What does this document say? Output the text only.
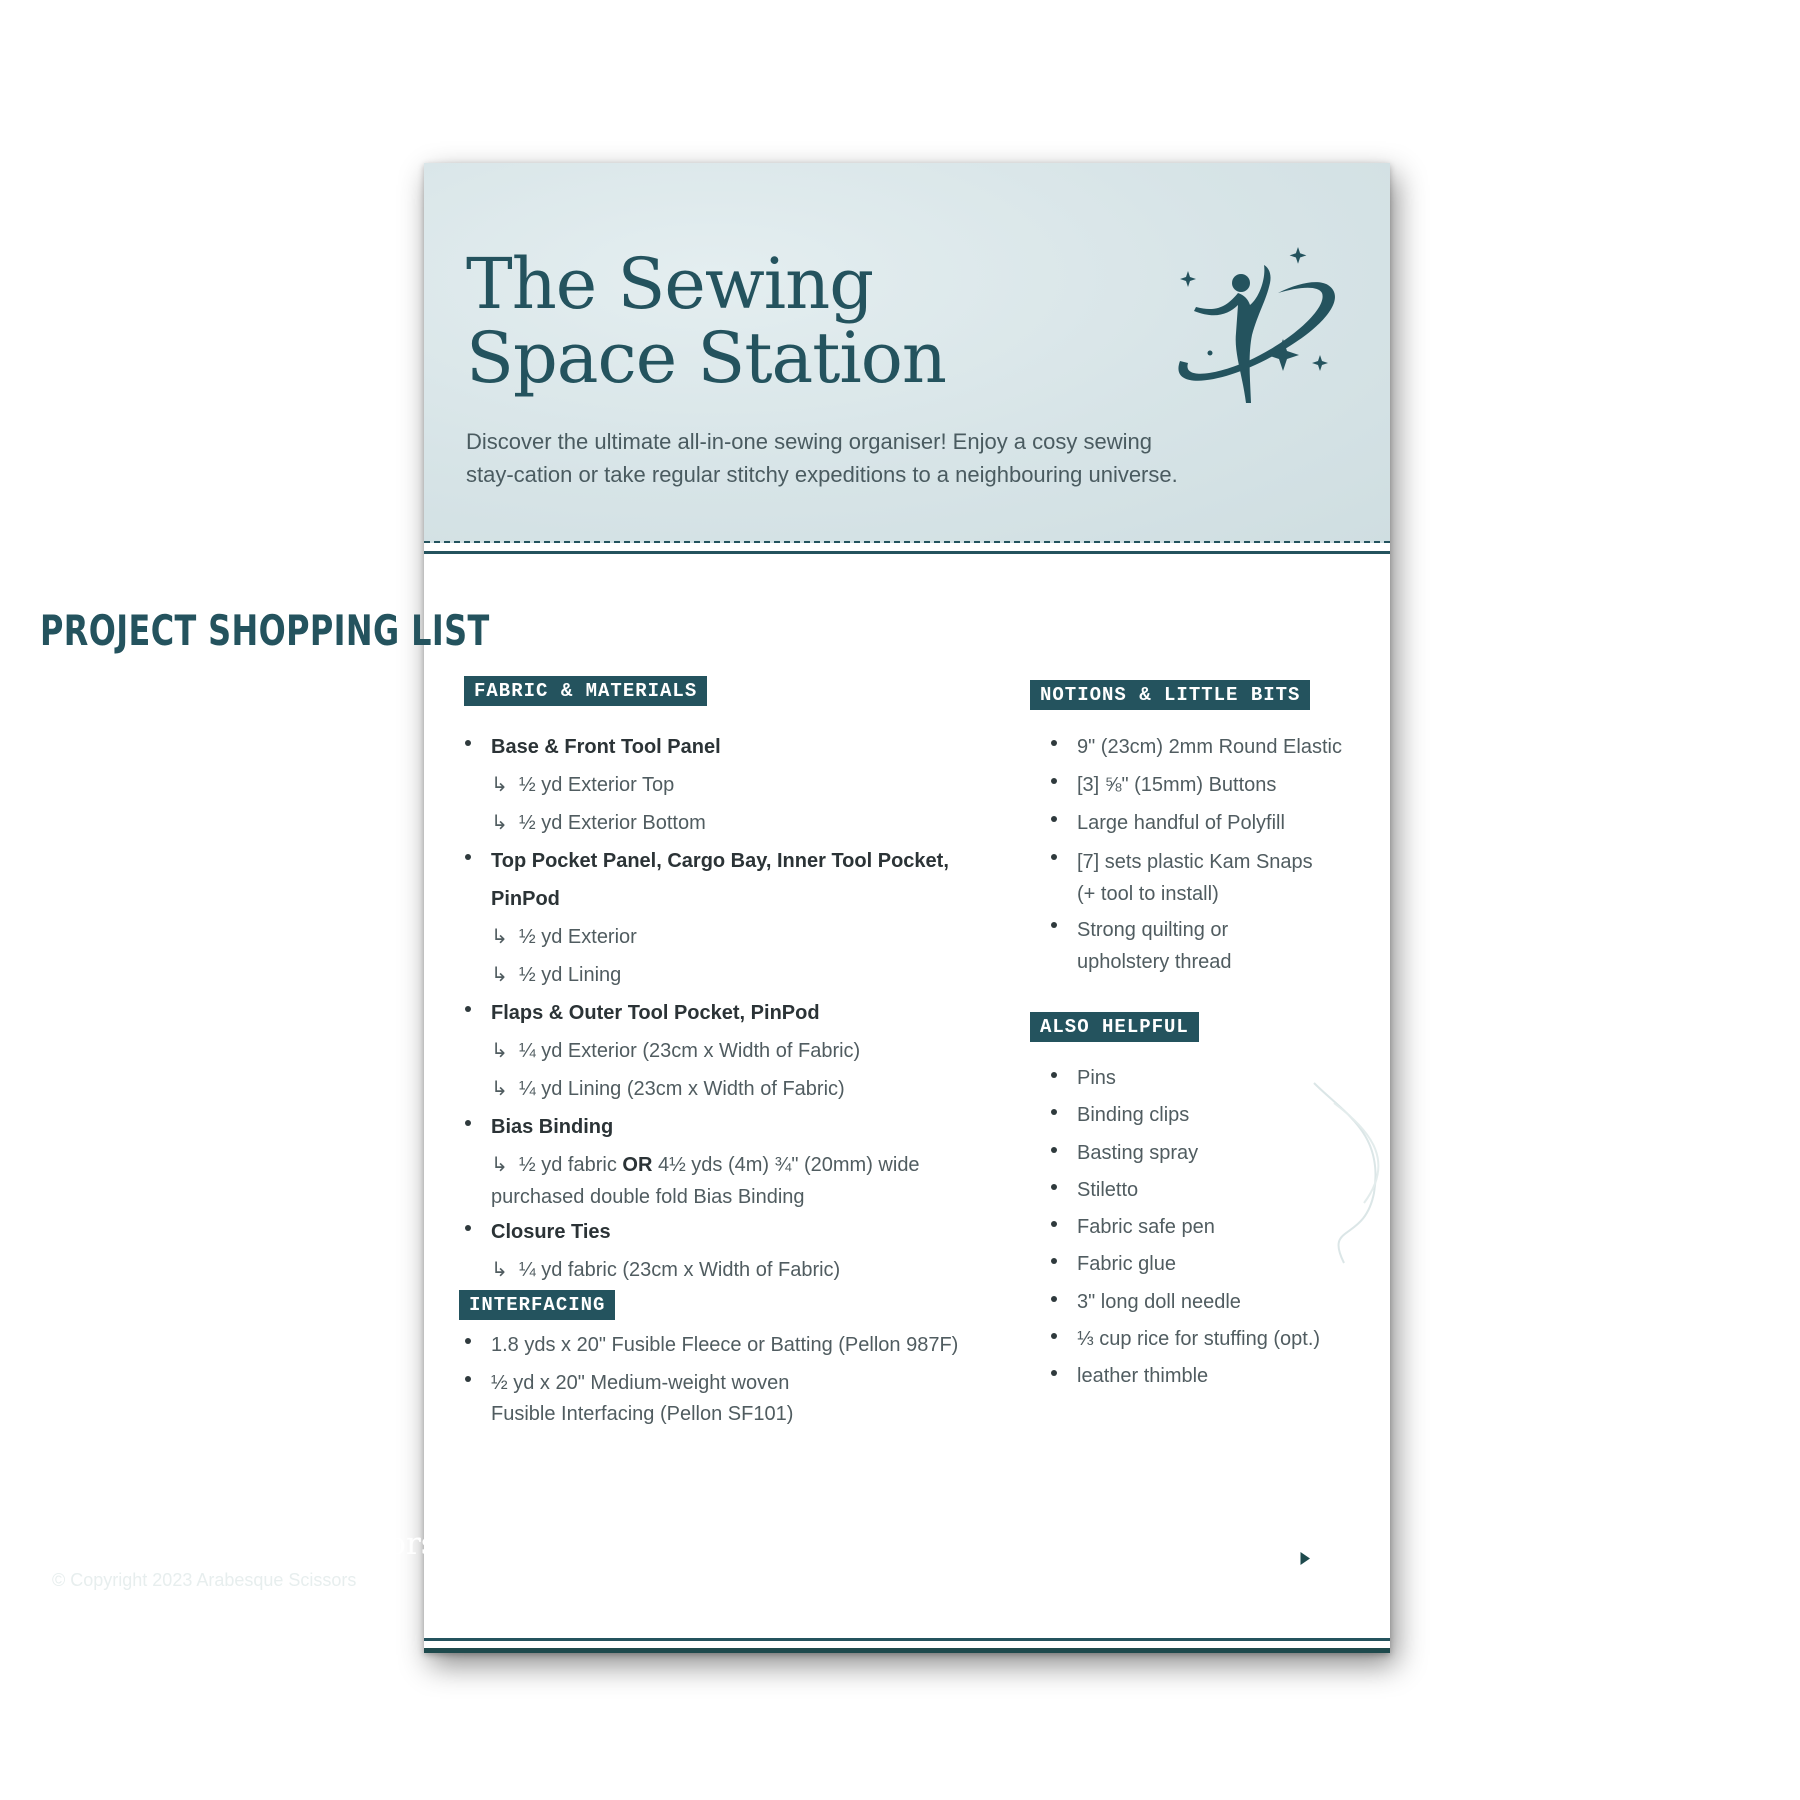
The Sewing
Space Station
Discover the ultimate all-in-one sewing organiser! Enjoy a cosy sewing
stay-cation or take regular stitchy expeditions to a neighbouring universe.
PROJECT SHOPPING LIST
FABRIC & MATERIALS
Base & Front Tool Panel
↳ ½ yd Exterior Top
↳ ½ yd Exterior Bottom
Top Pocket Panel, Cargo Bay, Inner Tool Pocket, PinPod
↳ ½ yd Exterior
↳ ½ yd Lining
Flaps & Outer Tool Pocket, PinPod
↳ ¼ yd Exterior (23cm x Width of Fabric)
↳ ¼ yd Lining (23cm x Width of Fabric)
Bias Binding
↳ ½ yd fabric OR 4½ yds (4m) ¾" (20mm) wide
purchased double fold Bias Binding
Closure Ties
↳ ¼ yd fabric (23cm x Width of Fabric)
INTERFACING
1.8 yds x 20" Fusible Fleece or Batting (Pellon 987F)
½ yd x 20" Medium-weight woven
Fusible Interfacing (Pellon SF101)
NOTIONS & LITTLE BITS
9" (23cm) 2mm Round Elastic
[3] ⅝" (15mm) Buttons
Large handful of Polyfill
[7] sets plastic Kam Snaps
(+ tool to install)
Strong quilting or
upholstery thread
ALSO HELPFUL
Pins
Binding clips
Basting spray
Stiletto
Fabric safe pen
Fabric glue
3" long doll needle
⅓ cup rice for stuffing (opt.)
leather thimble
www.arabesque-scissors.com
© Copyright 2023 Arabesque Scissors
